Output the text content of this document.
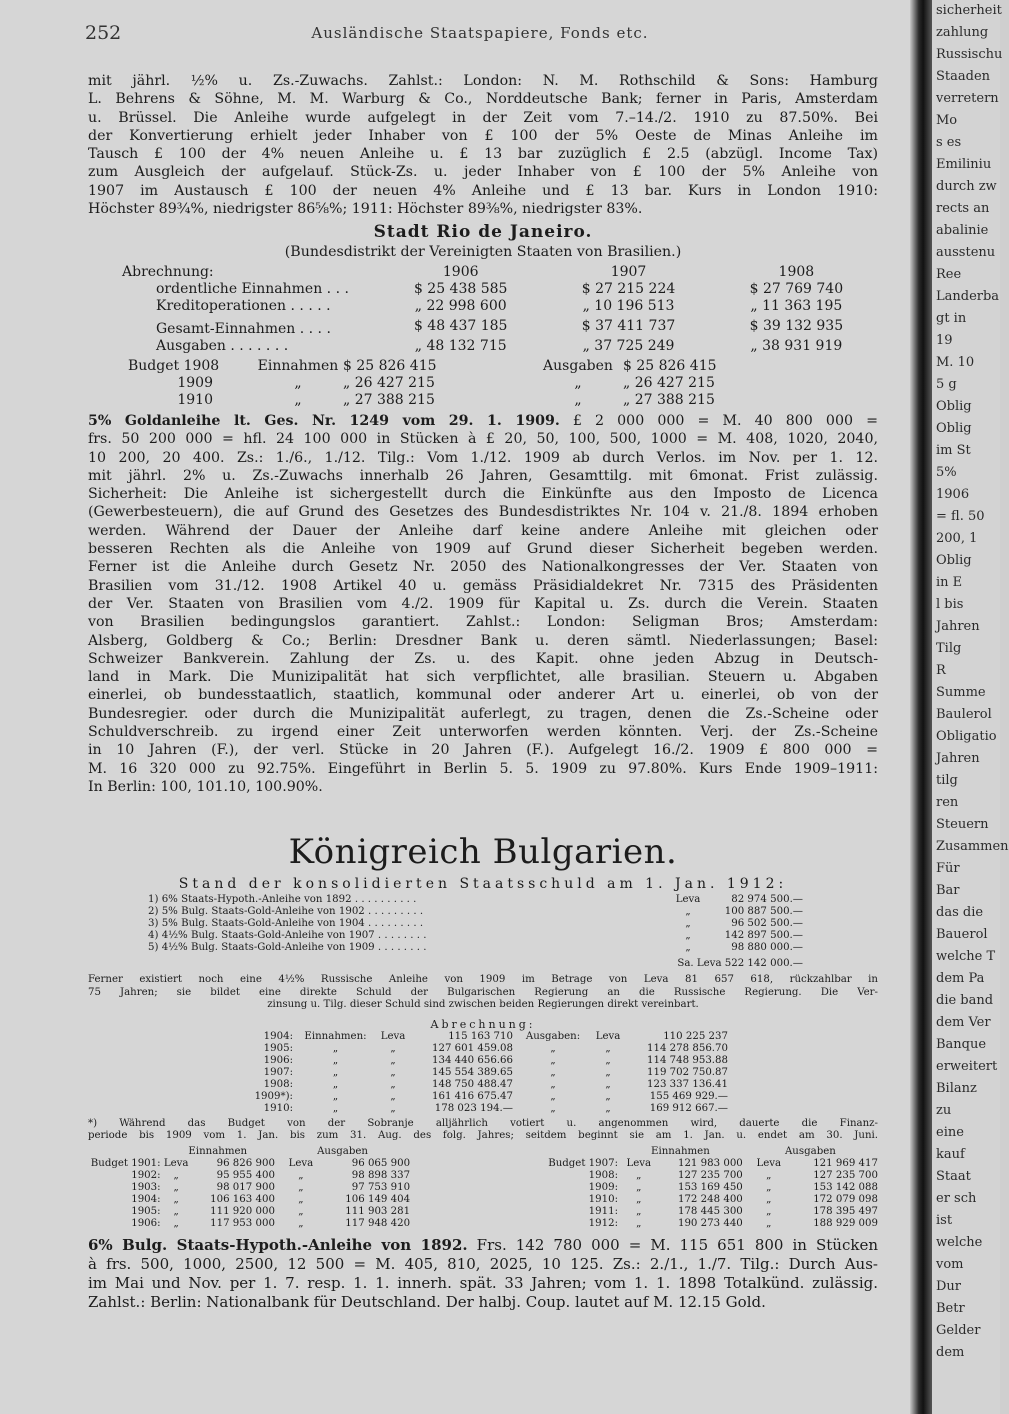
252	Ausländische Staatspapiere, Fonds etc.

mit jährl. ½% u. Zs.-Zuwachs. Zahlst.: London: N. M. Rothschild & Sons: Hamburg
L. Behrens & Söhne, M. M. Warburg & Co., Norddeutsche Bank; ferner in Paris, Amsterdam
u. Brüssel. Die Anleihe wurde aufgelegt in der Zeit vom 7.–14./2. 1910 zu 87.50%. Bei
der Konvertierung erhielt jeder Inhaber von £ 100 der 5% Oeste de Minas Anleihe im
Tausch £ 100 der 4% neuen Anleihe u. £ 13 bar zuzüglich £ 2.5 (abzügl. Income Tax)
zum Ausgleich der aufgelauf. Stück-Zs. u. jeder Inhaber von £ 100 der 5% Anleihe von
1907 im Austausch £ 100 der neuen 4% Anleihe und £ 13 bar. Kurs in London 1910:
Höchster 89¾%, niedrigster 86⅝%; 1911: Höchster 89⅜%, niedrigster 83%.

Stadt Rio de Janeiro.
(Bundesdistrikt der Vereinigten Staaten von Brasilien.)
Abrechnung:	1906	1907	1908
ordentliche Einnahmen . . .	$ 25 438 585	$ 27 215 224	$ 27 769 740
Kreditoperationen . . . . .	„ 22 998 600	„ 10 196 513	„ 11 363 195
Gesamt-Einnahmen . . . .	$ 48 437 185	$ 37 411 737	$ 39 132 935
Ausgaben . . . . . . .	„ 48 132 715	„ 37 725 249	„ 38 931 919
Budget 1908	Einnahmen	$ 25 826 415	Ausgaben	$ 25 826 415
1909	„	„ 26 427 215	„	„ 26 427 215
1910	„	„ 27 388 215	„	„ 27 388 215

5% Goldanleihe lt. Ges. Nr. 1249 vom 29. 1. 1909. £ 2 000 000 = M. 40 800 000 =
frs. 50 200 000 = hfl. 24 100 000 in Stücken à £ 20, 50, 100, 500, 1000 = M. 408, 1020, 2040,
10 200, 20 400. Zs.: 1./6., 1./12. Tilg.: Vom 1./12. 1909 ab durch Verlos. im Nov. per 1. 12.
mit jährl. 2% u. Zs.-Zuwachs innerhalb 26 Jahren, Gesamttilg. mit 6monat. Frist zulässig.
Sicherheit: Die Anleihe ist sichergestellt durch die Einkünfte aus den Imposto de Licenca
(Gewerbesteuern), die auf Grund des Gesetzes des Bundesdistriktes Nr. 104 v. 21./8. 1894 erhoben
werden. Während der Dauer der Anleihe darf keine andere Anleihe mit gleichen oder
besseren Rechten als die Anleihe von 1909 auf Grund dieser Sicherheit begeben werden.
Ferner ist die Anleihe durch Gesetz Nr. 2050 des Nationalkongresses der Ver. Staaten von
Brasilien vom 31./12. 1908 Artikel 40 u. gemäss Präsidialdekret Nr. 7315 des Präsidenten
der Ver. Staaten von Brasilien vom 4./2. 1909 für Kapital u. Zs. durch die Verein. Staaten
von Brasilien bedingungslos garantiert. Zahlst.: London: Seligman Bros; Amsterdam:
Alsberg, Goldberg & Co.; Berlin: Dresdner Bank u. deren sämtl. Niederlassungen; Basel:
Schweizer Bankverein. Zahlung der Zs. u. des Kapit. ohne jeden Abzug in Deutsch-
land in Mark. Die Munizipalität hat sich verpflichtet, alle brasilian. Steuern u. Abgaben
einerlei, ob bundesstaatlich, staatlich, kommunal oder anderer Art u. einerlei, ob von der
Bundesregier. oder durch die Munizipalität auferlegt, zu tragen, denen die Zs.-Scheine oder
Schuldverschreib. zu irgend einer Zeit unterworfen werden könnten. Verj. der Zs.-Scheine
in 10 Jahren (F.), der verl. Stücke in 20 Jahren (F.). Aufgelegt 16./2. 1909 £ 800 000 =
M. 16 320 000 zu 92.75%. Eingeführt in Berlin 5. 5. 1909 zu 97.80%. Kurs Ende 1909–1911:
In Berlin: 100, 101.10, 100.90%.

Königreich Bulgarien.
Stand der konsolidierten Staatsschuld am 1. Jan. 1912:
1) 6% Staats-Hypoth.-Anleihe von 1892 . . . . . . . . . .	Leva	82 974 500.—
2) 5% Bulg. Staats-Gold-Anleihe von 1902 . . . . . . . . .	„	100 887 500.—
3) 5% Bulg. Staats-Gold-Anleihe von 1904 . . . . . . . . .	„	96 502 500.—
4) 4½% Bulg. Staats-Gold-Anleihe von 1907 . . . . . . . .	„	142 897 500.—
5) 4½% Bulg. Staats-Gold-Anleihe von 1909 . . . . . . . .	„	98 880 000.—
	Sa. Leva 522 142 000.—	

Ferner existiert noch eine 4½% Russische Anleihe von 1909 im Betrage von Leva 81 657 618, rückzahlbar in
75 Jahren; sie bildet eine direkte Schuld der Bulgarischen Regierung an die Russische Regierung. Die Ver-
zinsung u. Tilg. dieser Schuld sind zwischen beiden Regierungen direkt vereinbart.

Abrechnung:
1904:	Einnahmen:	Leva	115 163 710	Ausgaben:	Leva	110 225 237
1905:	„	„	127 601 459.08	„	„	114 278 856.70
1906:	„	„	134 440 656.66	„	„	114 748 953.88
1907:	„	„	145 554 389.65	„	„	119 702 750.87
1908:	„	„	148 750 488.47	„	„	123 337 136.41
1909*):	„	„	161 416 675.47	„	„	155 469 929.—
1910:	„	„	178 023 194.—	„	„	169 912 667.—

*) Während das Budget von der Sobranje alljährlich votiert u. angenommen wird, dauerte die Finanz-
periode bis 1909 vom 1. Jan. bis zum 31. Aug. des folg. Jahres; seitdem beginnt sie am 1. Jan. u. endet am 30. Juni.

	Einnahmen		Ausgaben			Einnahmen		Ausgaben	
Budget 1901:	Leva	96 826 900	Leva	96 065 900	Budget 1907:	Leva	121 983 000	Leva	121 969 417
1902:	„	95 955 400	„	98 898 337	1908:	„	127 235 700	„	127 235 700
1903:	„	98 017 900	„	97 753 910	1909:	„	153 169 450	„	153 142 088
1904:	„	106 163 400	„	106 149 404	1910:	„	172 248 400	„	172 079 098
1905:	„	111 920 000	„	111 903 281	1911:	„	178 445 300	„	178 395 497
1906:	„	117 953 000	„	117 948 420	1912:	„	190 273 440	„	188 929 009

6% Bulg. Staats-Hypoth.-Anleihe von 1892. Frs. 142 780 000 = M. 115 651 800 in Stücken
à frs. 500, 1000, 2500, 12 500 = M. 405, 810, 2025, 10 125. Zs.: 2./1., 1./7. Tilg.: Durch Aus-
im Mai und Nov. per 1. 7. resp. 1. 1. innerh. spät. 33 Jahren; vom 1. 1. 1898 Totalkünd. zulässig.
Zahlst.: Berlin: Nationalbank für Deutschland. Der halbj. Coup. lautet auf M. 12.15 Gold.

sicherheit
zahlung
Russischu
Staaden
verretern
Mo
s es
Emiliniu
durch zw
rects an
abalinie
ausstenu
Ree
Landerba
gt in
19
M. 10
5 g
Oblig
Oblig
im St
5%
1906
= fl. 50
200, 1
Oblig
in E
l bis
Jahren
Tilg
R
Summe
Baulerol
Obligatio
Jahren
tilg
ren
Steuern
Zusammen
Für
Bar
das die
Bauerol
welche T
dem Pa
die band
dem Ver
Banque
erweitert
Bilanz
zu
eine
kauf
Staat
er sch
ist
welche
vom
Dur
Betr
Gelder
dem
